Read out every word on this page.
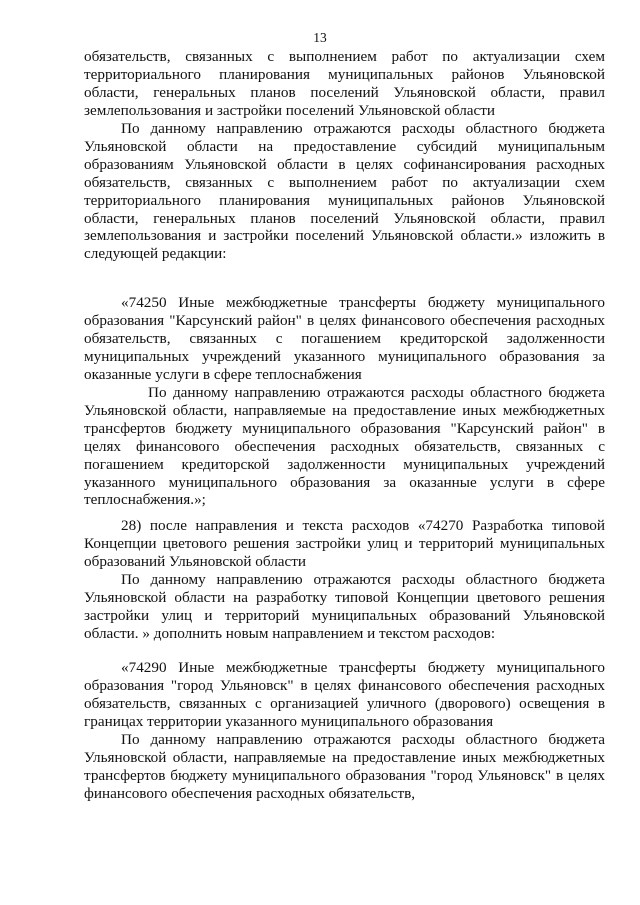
13

обязательств, связанных с выполнением работ по актуализации схем территориального планирования муниципальных районов Ульяновской области, генеральных планов поселений Ульяновской области, правил землепользования и застройки поселений Ульяновской области

По данному направлению отражаются расходы областного бюджета Ульяновской области на предоставление субсидий муниципальным образованиям Ульяновской области в целях софинансирования расходных обязательств, связанных с выполнением работ по актуализации схем территориального планирования муниципальных районов Ульяновской области, генеральных планов поселений Ульяновской области, правил землепользования и застройки поселений Ульяновской области.» изложить в следующей редакции:

«74250 Иные межбюджетные трансферты бюджету муниципального образования "Карсунский район" в целях финансового обеспечения расходных обязательств, связанных с погашением кредиторской задолженности муниципальных учреждений указанного муниципального образования за оказанные услуги в сфере теплоснабжения

По данному направлению отражаются расходы областного бюджета Ульяновской области, направляемые на предоставление иных межбюджетных трансфертов бюджету муниципального образования "Карсунский район" в целях финансового обеспечения расходных обязательств, связанных с погашением кредиторской задолженности муниципальных учреждений указанного муниципального образования за оказанные услуги в сфере теплоснабжения.»;

28) после направления и текста расходов «74270 Разработка типовой Концепции цветового решения застройки улиц и территорий муниципальных образований Ульяновской области

По данному направлению отражаются расходы областного бюджета Ульяновской области на разработку типовой Концепции цветового решения застройки улиц и территорий муниципальных образований Ульяновской области. » дополнить новым направлением и текстом расходов:

«74290 Иные межбюджетные трансферты бюджету муниципального образования "город Ульяновск" в целях финансового обеспечения расходных обязательств, связанных с организацией уличного (дворового) освещения в границах территории указанного муниципального образования

По данному направлению отражаются расходы областного бюджета Ульяновской области, направляемые на предоставление иных межбюджетных трансфертов бюджету муниципального образования "город Ульяновск" в целях финансового обеспечения расходных обязательств,
